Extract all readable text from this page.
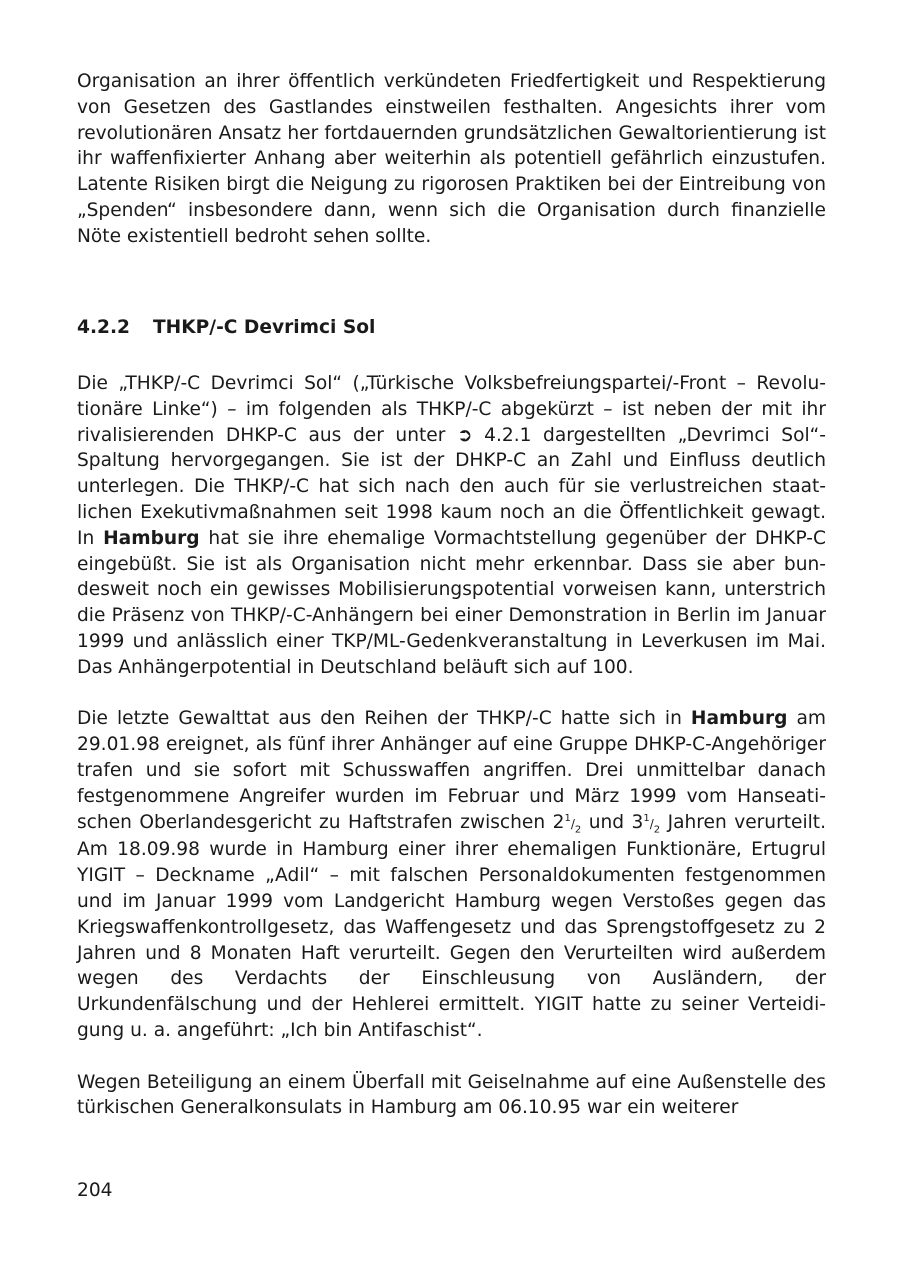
Organisation an ihrer öffentlich verkündeten Friedfertigkeit und Respektierung von Gesetzen des Gastlandes einstweilen festhalten. Angesichts ihrer vom revolutionären Ansatz her fortdauernden grundsätzlichen Gewaltorientierung ist ihr waffenfixierter Anhang aber weiterhin als potentiell gefährlich einzustufen. Latente Risiken birgt die Neigung zu rigorosen Praktiken bei der Eintreibung von „Spenden“ insbesondere dann, wenn sich die Organisation durch finanzielle Nöte existentiell bedroht sehen sollte.

4.2.2 THKP/-C Devrimci Sol

Die „THKP/-C Devrimci Sol“ („Türkische Volksbefreiungspartei/-Front – Revolutionäre Linke“) – im folgenden als THKP/-C abgekürzt – ist neben der mit ihr rivalisierenden DHKP-C aus der unter ➲ 4.2.1 dargestellten „Devrimci Sol“-Spaltung hervorgegangen. Sie ist der DHKP-C an Zahl und Einfluss deutlich unterlegen. Die THKP/-C hat sich nach den auch für sie verlustreichen staatlichen Exekutivmaßnahmen seit 1998 kaum noch an die Öffentlichkeit gewagt. In Hamburg hat sie ihre ehemalige Vormachtstellung gegenüber der DHKP-C eingebüßt. Sie ist als Organisation nicht mehr erkennbar. Dass sie aber bundesweit noch ein gewisses Mobilisierungspotential vorweisen kann, unterstrich die Präsenz von THKP/-C-Anhängern bei einer Demonstration in Berlin im Januar 1999 und anlässlich einer TKP/ML-Gedenkveranstaltung in Leverkusen im Mai. Das Anhängerpotential in Deutschland beläuft sich auf 100.

Die letzte Gewalttat aus den Reihen der THKP/-C hatte sich in Hamburg am 29.01.98 ereignet, als fünf ihrer Anhänger auf eine Gruppe DHKP-C-Angehöriger trafen und sie sofort mit Schusswaffen angriffen. Drei unmittelbar danach festgenommene Angreifer wurden im Februar und März 1999 vom Hanseatischen Oberlandesgericht zu Haftstrafen zwischen $2^1/_2$ und $3^1/_2$ Jahren verurteilt. Am 18.09.98 wurde in Hamburg einer ihrer ehemaligen Funktionäre, Ertugrul YIGIT – Deckname „Adil“ – mit falschen Personaldokumenten festgenommen und im Januar 1999 vom Landgericht Hamburg wegen Verstoßes gegen das Kriegswaffenkontrollgesetz, das Waffengesetz und das Sprengstoffgesetz zu 2 Jahren und 8 Monaten Haft verurteilt. Gegen den Verurteilten wird außerdem wegen des Verdachts der Einschleusung von Ausländern, der Urkundenfälschung und der Hehlerei ermittelt. YIGIT hatte zu seiner Verteidigung u. a. angeführt: „Ich bin Antifaschist“.

Wegen Beteiligung an einem Überfall mit Geiselnahme auf eine Außenstelle des türkischen Generalkonsulats in Hamburg am 06.10.95 war ein weiterer

204
